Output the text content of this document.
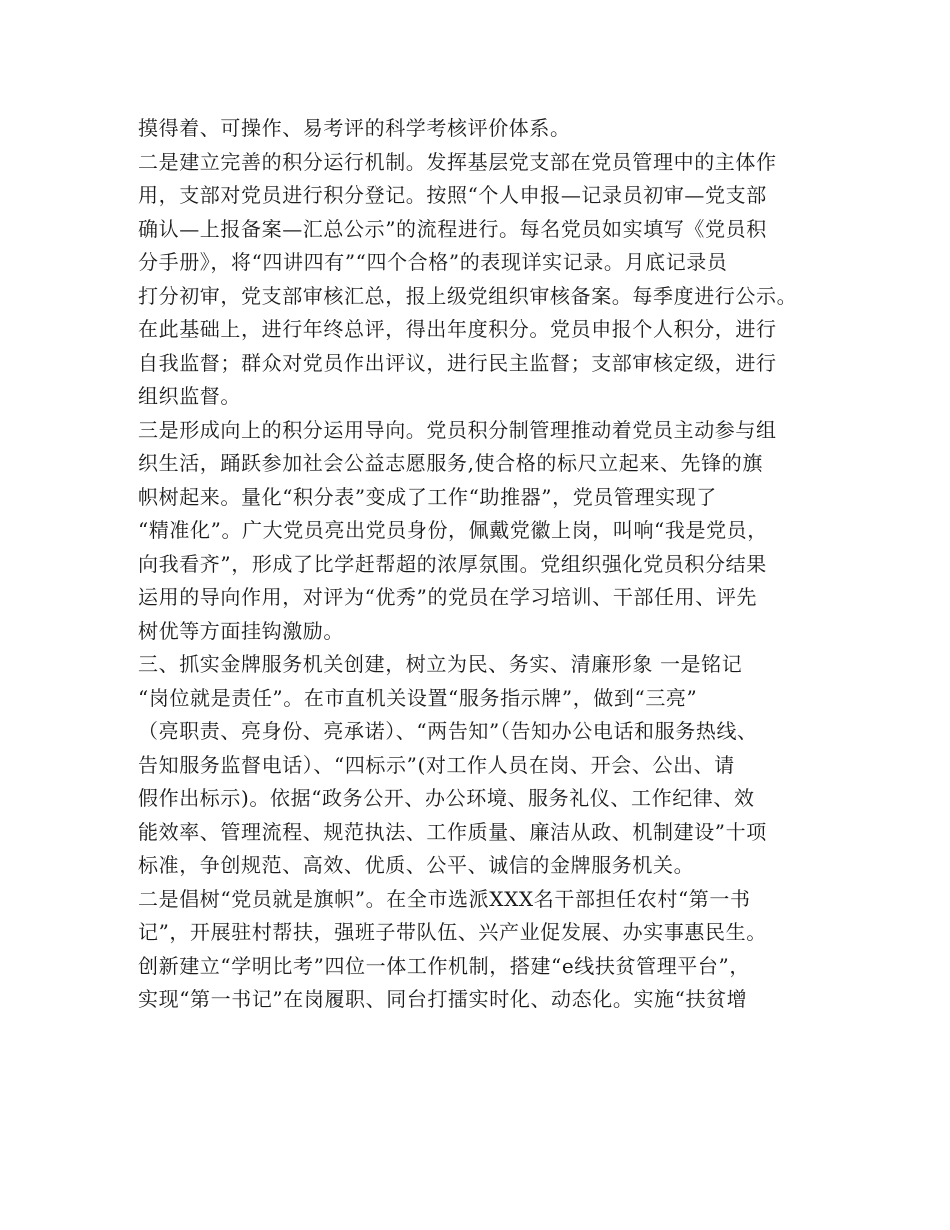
摸得着、可操作、易考评的科学考核评价体系。
二是建立完善的积分运行机制。发挥基层党支部在党员管理中的主体作
用，支部对党员进行积分登记。按照“个人申报—记录员初审—党支部
确认—上报备案—汇总公示”的流程进行。每名党员如实填写《党员积
分手册》，将“四讲四有”“四个合格”的表现详实记录。月底记录员
打分初审，党支部审核汇总，报上级党组织审核备案。每季度进行公示。
在此基础上，进行年终总评，得出年度积分。党员申报个人积分，进行
自我监督；群众对党员作出评议，进行民主监督；支部审核定级，进行
组织监督。
三是形成向上的积分运用导向。党员积分制管理推动着党员主动参与组
织生活，踊跃参加社会公益志愿服务,使合格的标尺立起来、先锋的旗
帜树起来。量化“积分表”变成了工作“助推器”，党员管理实现了
“精准化”。广大党员亮出党员身份，佩戴党徽上岗，叫响“我是党员，
向我看齐”，形成了比学赶帮超的浓厚氛围。党组织强化党员积分结果
运用的导向作用，对评为“优秀”的党员在学习培训、干部任用、评先
树优等方面挂钩激励。
三、抓实金牌服务机关创建，树立为民、务实、清廉形象 一是铭记
“岗位就是责任”。在市直机关设置“服务指示牌”，做到“三亮”
（亮职责、亮身份、亮承诺）、“两告知”（告知办公电话和服务热线、
告知服务监督电话）、“四标示”(对工作人员在岗、开会、公出、请
假作出标示)。依据“政务公开、办公环境、服务礼仪、工作纪律、效
能效率、管理流程、规范执法、工作质量、廉洁从政、机制建设”十项
标准，争创规范、高效、优质、公平、诚信的金牌服务机关。
二是倡树“党员就是旗帜”。在全市选派XXX名干部担任农村“第一书
记”，开展驻村帮扶，强班子带队伍、兴产业促发展、办实事惠民生。
创新建立“学明比考”四位一体工作机制，搭建“e线扶贫管理平台”，
实现“第一书记”在岗履职、同台打擂实时化、动态化。实施“扶贫增
